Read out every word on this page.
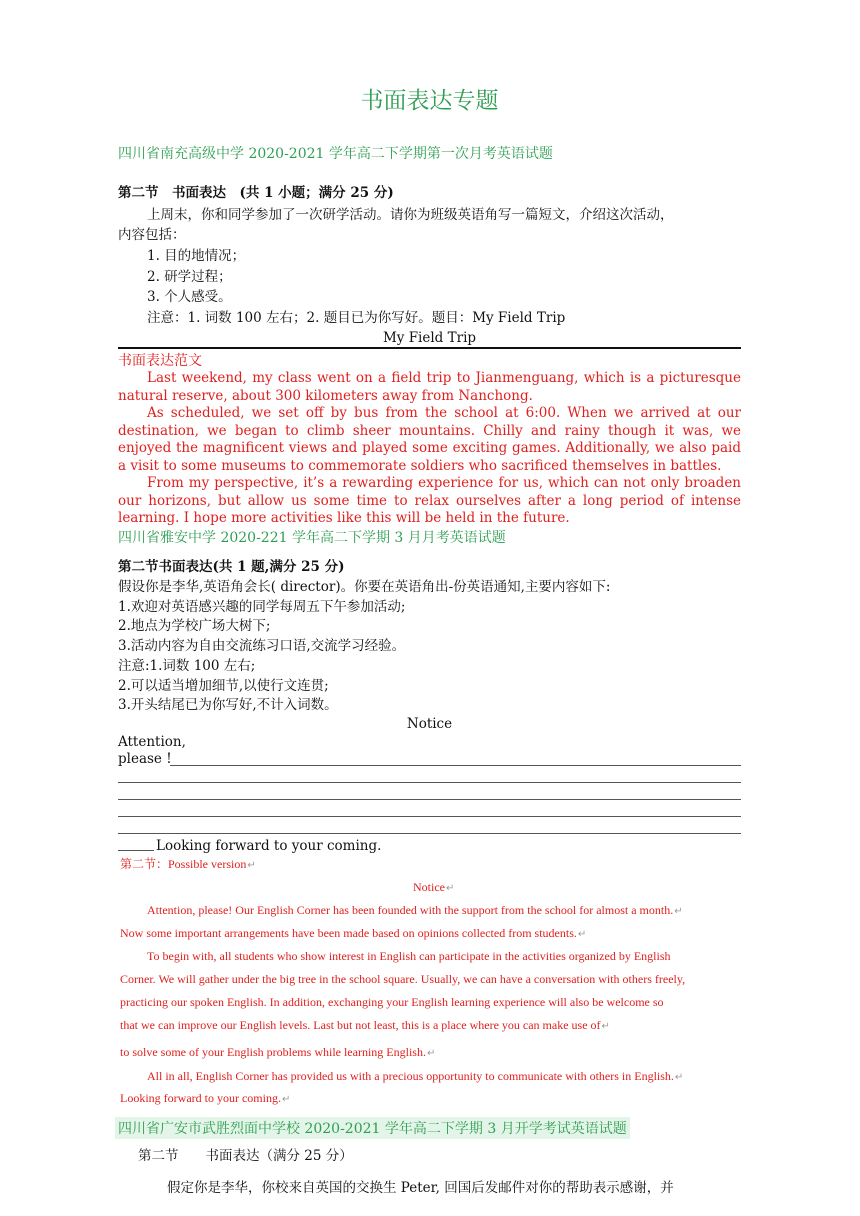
书面表达专题
四川省南充高级中学 2020-2021 学年高二下学期第一次月考英语试题
第二节　书面表达　(共 1 小题；满分 25 分)
上周末，你和同学参加了一次研学活动。请你为班级英语角写一篇短文，介绍这次活动，
内容包括：
1. 目的地情况；
2. 研学过程；
3. 个人感受。
注意：1. 词数 100 左右；2. 题目已为你写好。题目：My Field Trip
My Field Trip
书面表达范文
Last weekend, my class went on a field trip to Jianmenguang, which is a picturesque natural reserve, about 300 kilometers away from Nanchong.
As scheduled, we set off by bus from the school at 6:00. When we arrived at our destination, we began to climb sheer mountains. Chilly and rainy though it was, we enjoyed the magnificent views and played some exciting games. Additionally, we also paid a visit to some museums to commemorate soldiers who sacrificed themselves in battles.
From my perspective, it’s a rewarding experience for us, which can not only broaden our horizons, but allow us some time to relax ourselves after a long period of intense learning. I hope more activities like this will be held in the future.
四川省雅安中学 2020-221 学年高二下学期 3 月月考英语试题
第二节书面表达(共 1 题,满分 25 分)
假设你是李华,英语角会长( director)。你要在英语角出-份英语通知,主要内容如下:
1.欢迎对英语感兴趣的同学每周五下午参加活动;
2.地点为学校广场大树下;
3.活动内容为自由交流练习口语,交流学习经验。
注意:1.词数 100 左右;
2.可以适当增加细节,以使行文连贯;
3.开头结尾已为你写好,不计入词数。
Notice
Attention,
please !
Looking forward to your coming.
第二节：Possible version↵
Notice↵
Attention, please! Our English Corner has been founded with the support from the school for almost a month.↵
Now some important arrangements have been made based on opinions collected from students.↵
To begin with, all students who show interest in English can participate in the activities organized by English
Corner. We will gather under the big tree in the school square. Usually, we can have a conversation with others freely,
practicing our spoken English. In addition, exchanging your English learning experience will also be welcome so
that we can improve our English levels. Last but not least, this is a place where you can make use of↵
to solve some of your English problems while learning English.↵
All in all, English Corner has provided us with a precious opportunity to communicate with others in English.↵
Looking forward to your coming.↵
四川省广安市武胜烈面中学校 2020-2021 学年高二下学期 3 月开学考试英语试题
第二节　　书面表达（满分 25 分）
假定你是李华，你校来自英国的交换生 Peter, 回国后发邮件对你的帮助表示感谢，并
